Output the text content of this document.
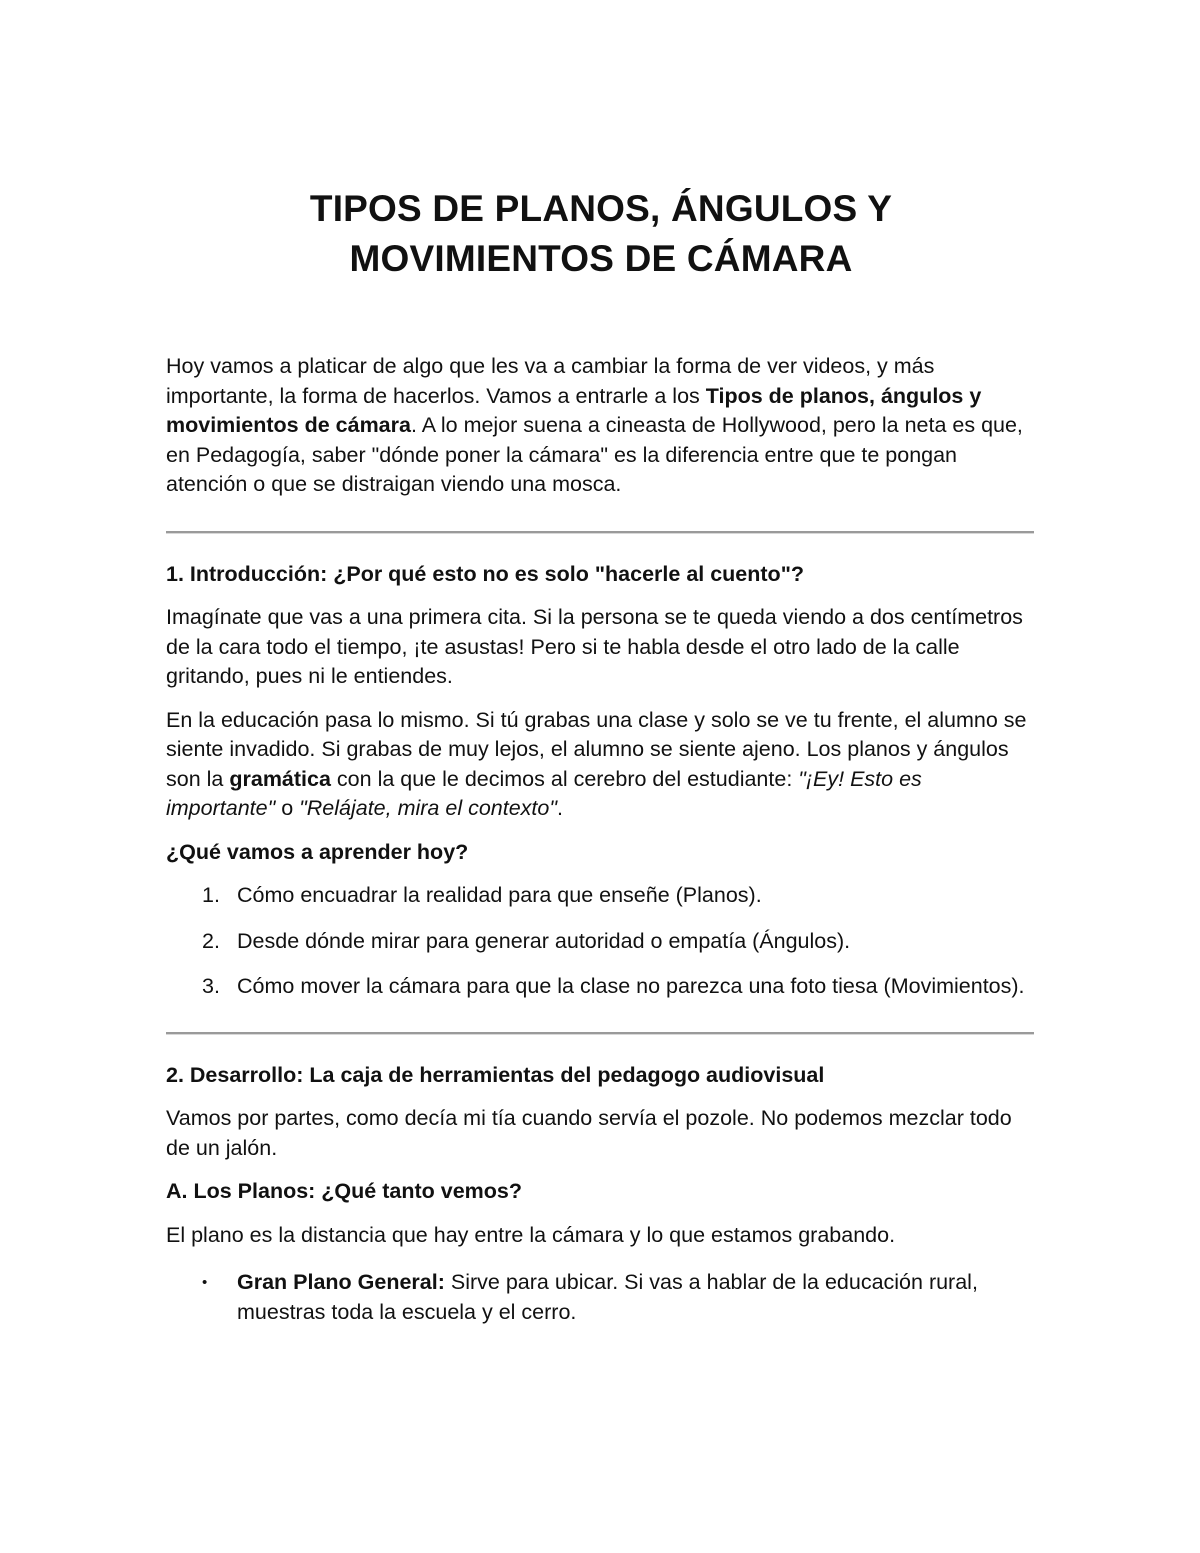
TIPOS DE PLANOS, ÁNGULOS Y
MOVIMIENTOS DE CÁMARA

Hoy vamos a platicar de algo que les va a cambiar la forma de ver videos, y más importante, la forma de hacerlos. Vamos a entrarle a los Tipos de planos, ángulos y movimientos de cámara. A lo mejor suena a cineasta de Hollywood, pero la neta es que, en Pedagogía, saber "dónde poner la cámara" es la diferencia entre que te pongan atención o que se distraigan viendo una mosca.

1. Introducción: ¿Por qué esto no es solo "hacerle al cuento"?

Imagínate que vas a una primera cita. Si la persona se te queda viendo a dos centímetros de la cara todo el tiempo, ¡te asustas! Pero si te habla desde el otro lado de la calle gritando, pues ni le entiendes.

En la educación pasa lo mismo. Si tú grabas una clase y solo se ve tu frente, el alumno se siente invadido. Si grabas de muy lejos, el alumno se siente ajeno. Los planos y ángulos son la gramática con la que le decimos al cerebro del estudiante: "¡Ey! Esto es importante" o "Relájate, mira el contexto".

¿Qué vamos a aprender hoy?
1. Cómo encuadrar la realidad para que enseñe (Planos).
2. Desde dónde mirar para generar autoridad o empatía (Ángulos).
3. Cómo mover la cámara para que la clase no parezca una foto tiesa (Movimientos).
2. Desarrollo: La caja de herramientas del pedagogo audiovisual

Vamos por partes, como decía mi tía cuando servía el pozole. No podemos mezclar todo de un jalón.

A. Los Planos: ¿Qué tanto vemos?

El plano es la distancia que hay entre la cámara y lo que estamos grabando.

• Gran Plano General: Sirve para ubicar. Si vas a hablar de la educación rural, muestras toda la escuela y el cerro.
